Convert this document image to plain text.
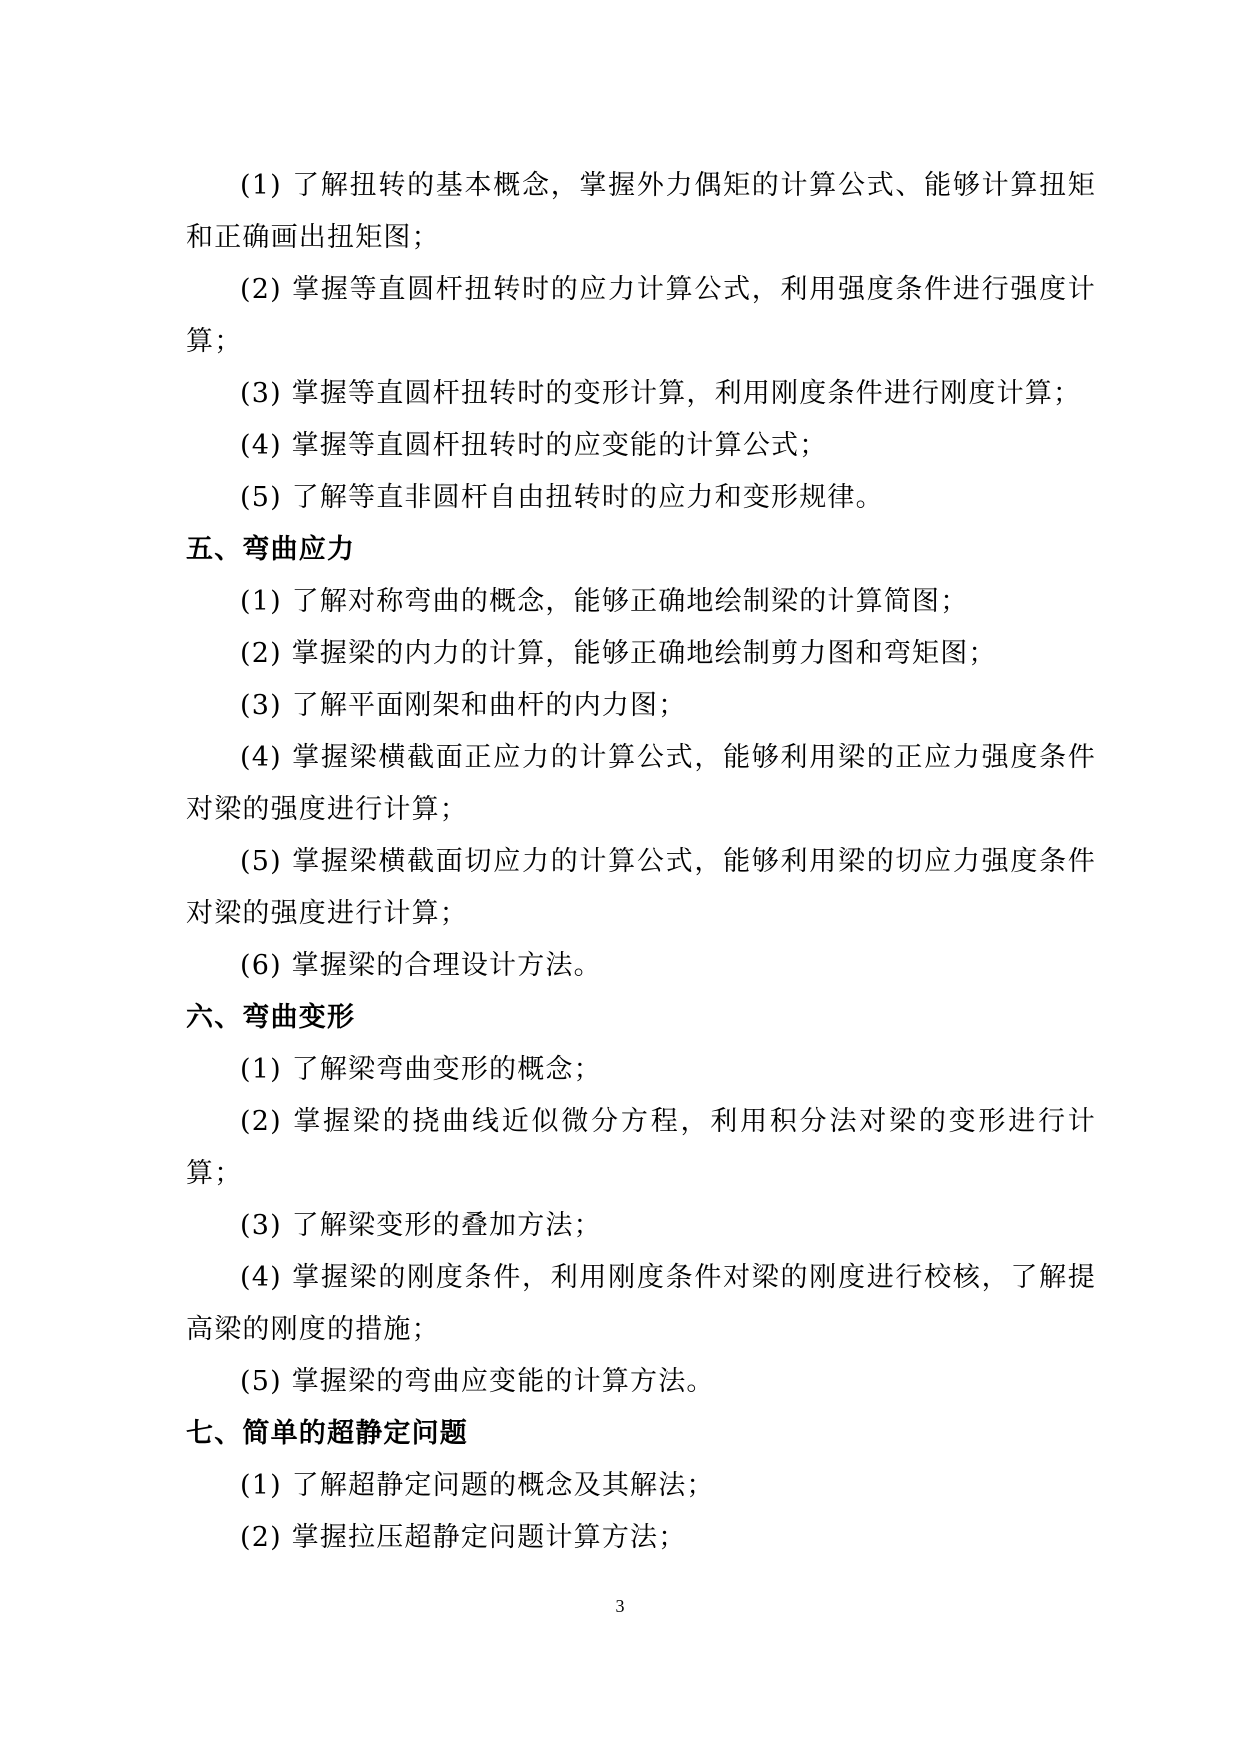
(1) 了解扭转的基本概念，掌握外力偶矩的计算公式、能够计算扭矩和正确画出扭矩图；

(2) 掌握等直圆杆扭转时的应力计算公式，利用强度条件进行强度计算；

(3) 掌握等直圆杆扭转时的变形计算，利用刚度条件进行刚度计算；

(4) 掌握等直圆杆扭转时的应变能的计算公式；

(5) 了解等直非圆杆自由扭转时的应力和变形规律。

五、弯曲应力

(1) 了解对称弯曲的概念，能够正确地绘制梁的计算简图；

(2) 掌握梁的内力的计算，能够正确地绘制剪力图和弯矩图；

(3) 了解平面刚架和曲杆的内力图；

(4) 掌握梁横截面正应力的计算公式，能够利用梁的正应力强度条件对梁的强度进行计算；

(5) 掌握梁横截面切应力的计算公式，能够利用梁的切应力强度条件对梁的强度进行计算；

(6) 掌握梁的合理设计方法。

六、弯曲变形

(1) 了解梁弯曲变形的概念；

(2) 掌握梁的挠曲线近似微分方程，利用积分法对梁的变形进行计算；

(3) 了解梁变形的叠加方法；

(4) 掌握梁的刚度条件，利用刚度条件对梁的刚度进行校核，了解提高梁的刚度的措施；

(5) 掌握梁的弯曲应变能的计算方法。

七、简单的超静定问题

(1) 了解超静定问题的概念及其解法；

(2) 掌握拉压超静定问题计算方法；

3
